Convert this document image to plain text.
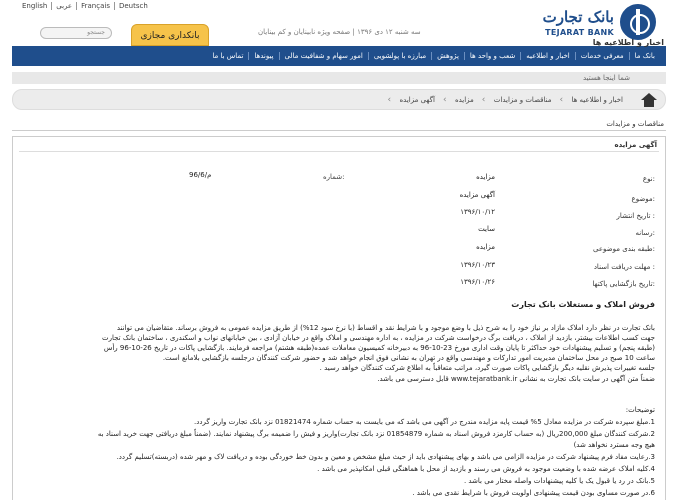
English	عربی	Français	Deutsch
بانک تجارت
TEJARAT BANK
سه شنبه ۱۲ دی ۱۳۹۶ | صفحه ویژه نابینایان و کم بینایان
جستجو	بانکداری مجازی
بانک ما
معرفی خدمات
اخبار و اطلاعیه
شعب و واحد ها
پژوهش
مبارزه با پولشویی
امور سهام و شفافیت مالی
پیوندها
تماس با ما
شما اینجا هستید
‹ اخبار و اطلاعیه ها
‹ مناقصات و مزایدات
‹ مزایده
‹ آگهی مزایده
مناقصات و مزایدات
آگهی مزایده
نوع:
مزایده
موضوع:
آگهی مزایده
تاریخ انتشار :
۱۳۹۶/۱۰/۱۲
رسانه:
سایت
طبقه بندی موضوعی:
مزایده
مهلت دریافت اسناد :
۱۳۹۶/۱۰/۲۳
تاریخ بازگشایی پاکتها:
۱۳۹۶/۱۰/۲۶
شماره:
96/6/م
فروش املاک و مستغلات بانک تجارت
بانک تجارت در نظر دارد املاک مازاد بر نیاز خود را به شرح ذیل با وضع موجود و با شرایط نقد و اقساط (با نرخ سود 12%) از طریق مزایده عمومی به فروش برساند. متقاضیان می توانند
جهت کسب اطلاعات بیشتر، بازدید از املاک ، دریافت برگ درخواست شرکت در مزایده ، به اداره مهندسی و املاک واقع در خیابان آزادی ، بین خیابانهای نواب و اسکندری ، ساختمان بانک تجارت
(طبقه پنجم) و تسلیم پیشنهادات خود حداکثر تا پایان وقت اداری مورخ 23-10-96 به دبیرخانه کمیسیون معاملات عمده(طبقه هشتم) مراجعه فرمایند. بازگشایی پاکات در تاریخ 26-10-96 رأس
ساعت 10 صبح در محل ساختمان مدیریت امور تدارکات و مهندسی واقع در تهران به نشانی فوق انجام خواهد شد و حضور شرکت کنندگان درجلسه بازگشایی بلامانع است.
جلسه تغییرات پذیرش نقلیه دیگر بازگشایی پاکات صورت گیرد، مراتب متعاقباً به اطلاع شرکت کنندگان خواهد رسید .
ضمناً متن آگهی در سایت بانک تجارت به نشانی www.tejaratbank.ir قابل دسترسی می باشد.
توضیحات:
1.مبلغ سپرده شرکت در مزایده معادل 5% قیمت پایه مزایده مندرج در آگهی می باشد که می بایست به حساب شماره 01821474 نزد بانک تجارت واریز گردد.
2.شرکت کنندگان مبلغ 200,000ریال (به حساب کارمزد فروش اسناد به شماره 01854879 نزد بانک تجارت)واریز و فیش را ضمیمه برگ پیشنهاد نمایند. (ضمناً مبلغ دریافتی جهت خرید اسناد به
هیچ وجه مسترد نخواهد شد)
3.رعایت مفاد فرم پیشنهاد شرکت در مزایده الزامی می باشد و بهای پیشنهادی باید از حیث مبلغ مشخص و معین و بدون خط خوردگی بوده و دریافت لاک و مهر شده (دربسته)تسلیم گردد.
4.کلیه املاک عرضه شده با وضعیت موجود به فروش می رسند و بازدید از محل با هماهنگی قبلی امکانپذیر می باشد .
5.بانک در رد یا قبول یک یا کلیه پیشنهادات واصله مختار می باشد .
6.در صورت مساوی بودن قیمت پیشنهادی اولویت فروش با شرایط نقدی می باشد .
اخبار و اطلاعیه ها
